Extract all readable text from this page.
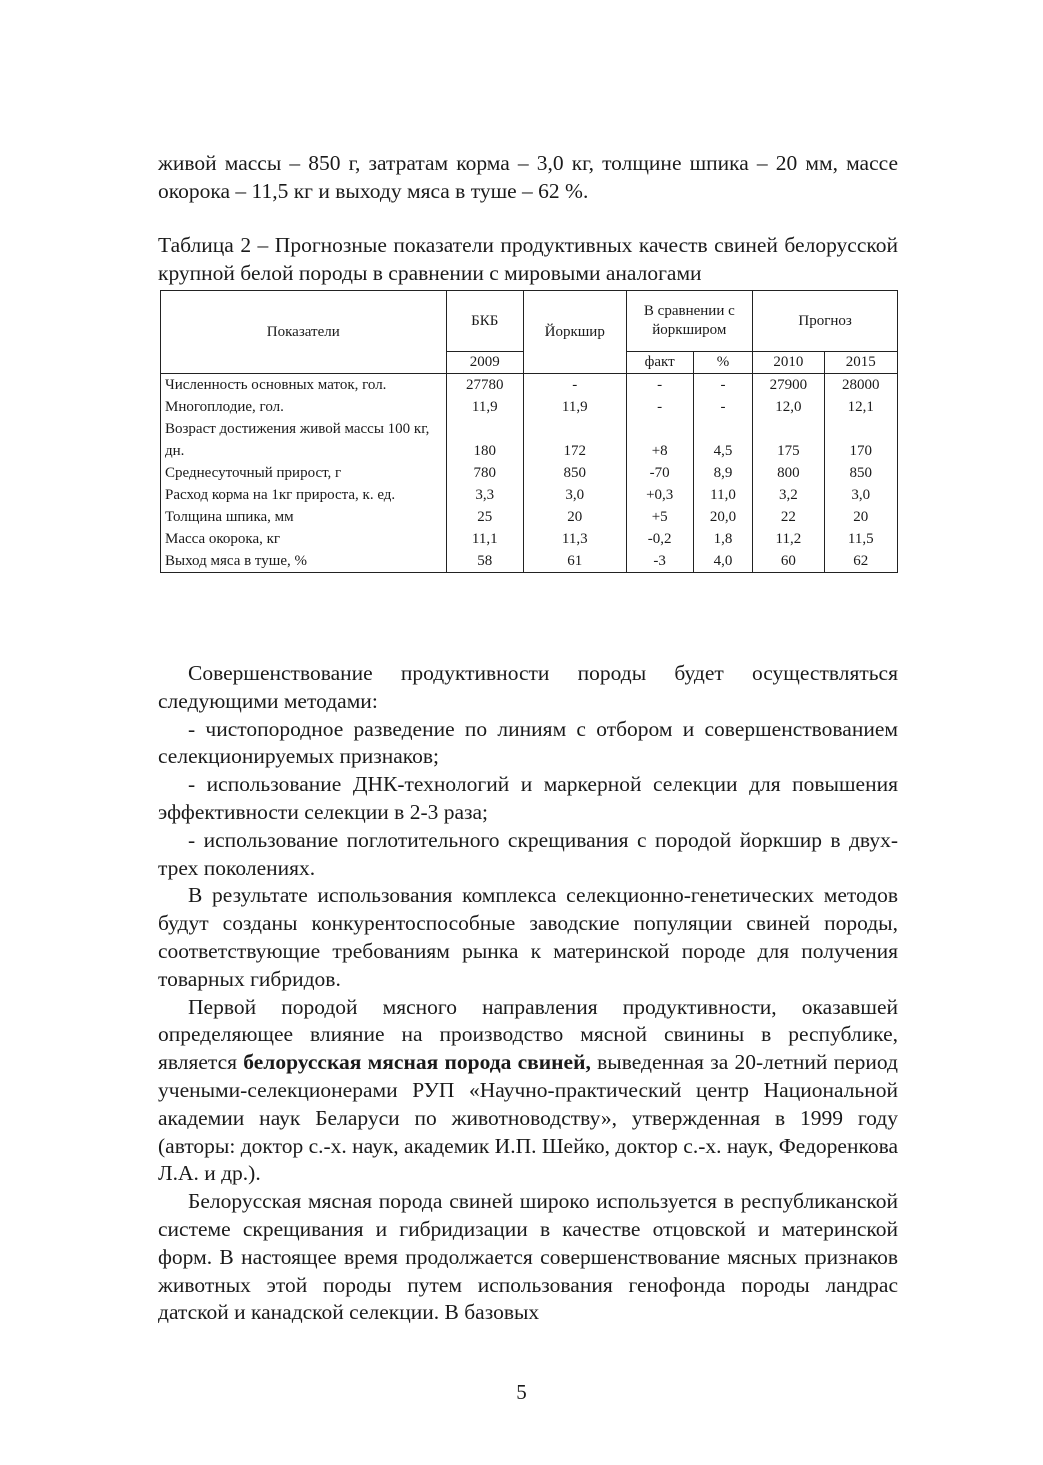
живой массы – 850 г, затратам корма – 3,0 кг, толщине шпика – 20 мм, массе окорока – 11,5 кг и выходу мяса в туше – 62 %.

Таблица 2 – Прогнозные показатели продуктивных качеств свиней белорусской крупной белой породы в сравнении с мировыми аналогами

Совершенствование продуктивности породы будет осуществляться следующими методами:

- чистопородное разведение по линиям с отбором и совершенствованием селекционируемых признаков;

- использование ДНК-технологий и маркерной селекции для повышения эффективности селекции в 2-3 раза;

- использование поглотительного скрещивания с породой йоркшир в двух-трех поколениях.

В результате использования комплекса селекционно-генетических методов будут созданы конкурентоспособные заводские популяции свиней породы, соответствующие требованиям рынка к материнской породе для получения товарных гибридов.

Первой породой мясного направления продуктивности, оказавшей определяющее влияние на производство мясной свинины в республике, является белорусская мясная порода свиней, выведенная за 20-летний период учеными-селекционерами РУП «Научно-практический центр Национальной академии наук Беларуси по животноводству», утвержденная в 1999 году (авторы: доктор с.-х. наук, академик И.П. Шейко, доктор с.-х. наук, Федоренкова Л.А. и др.).

Белорусская мясная порода свиней широко используется в республиканской системе скрещивания и гибридизации в качестве отцовской и материнской форм. В настоящее время продолжается совершенствование мясных признаков животных этой породы путем использования генофонда породы ландрас датской и канадской селекции. В базовых

Показатели	БКБ	Йоркшир	В сравнении с йоркширом		Прогноз	
	2009		факт	%	2010	2015
Численность основных маток, гол.	27780	-	-	-	27900	28000
Многоплодие, гол.	11,9	11,9	-	-	12,0	12,1
Возраст достижения живой массы 100 кг, дн.	180	172	+8	4,5	175	170
Среднесуточный прирост, г	780	850	-70	8,9	800	850
Расход корма на 1кг прироста, к. ед.	3,3	3,0	+0,3	11,0	3,2	3,0
Толщина шпика, мм	25	20	+5	20,0	22	20
Масса окорока, кг	11,1	11,3	-0,2	1,8	11,2	11,5
Выход мяса в туше, %	58	61	-3	4,0	60	62
5
